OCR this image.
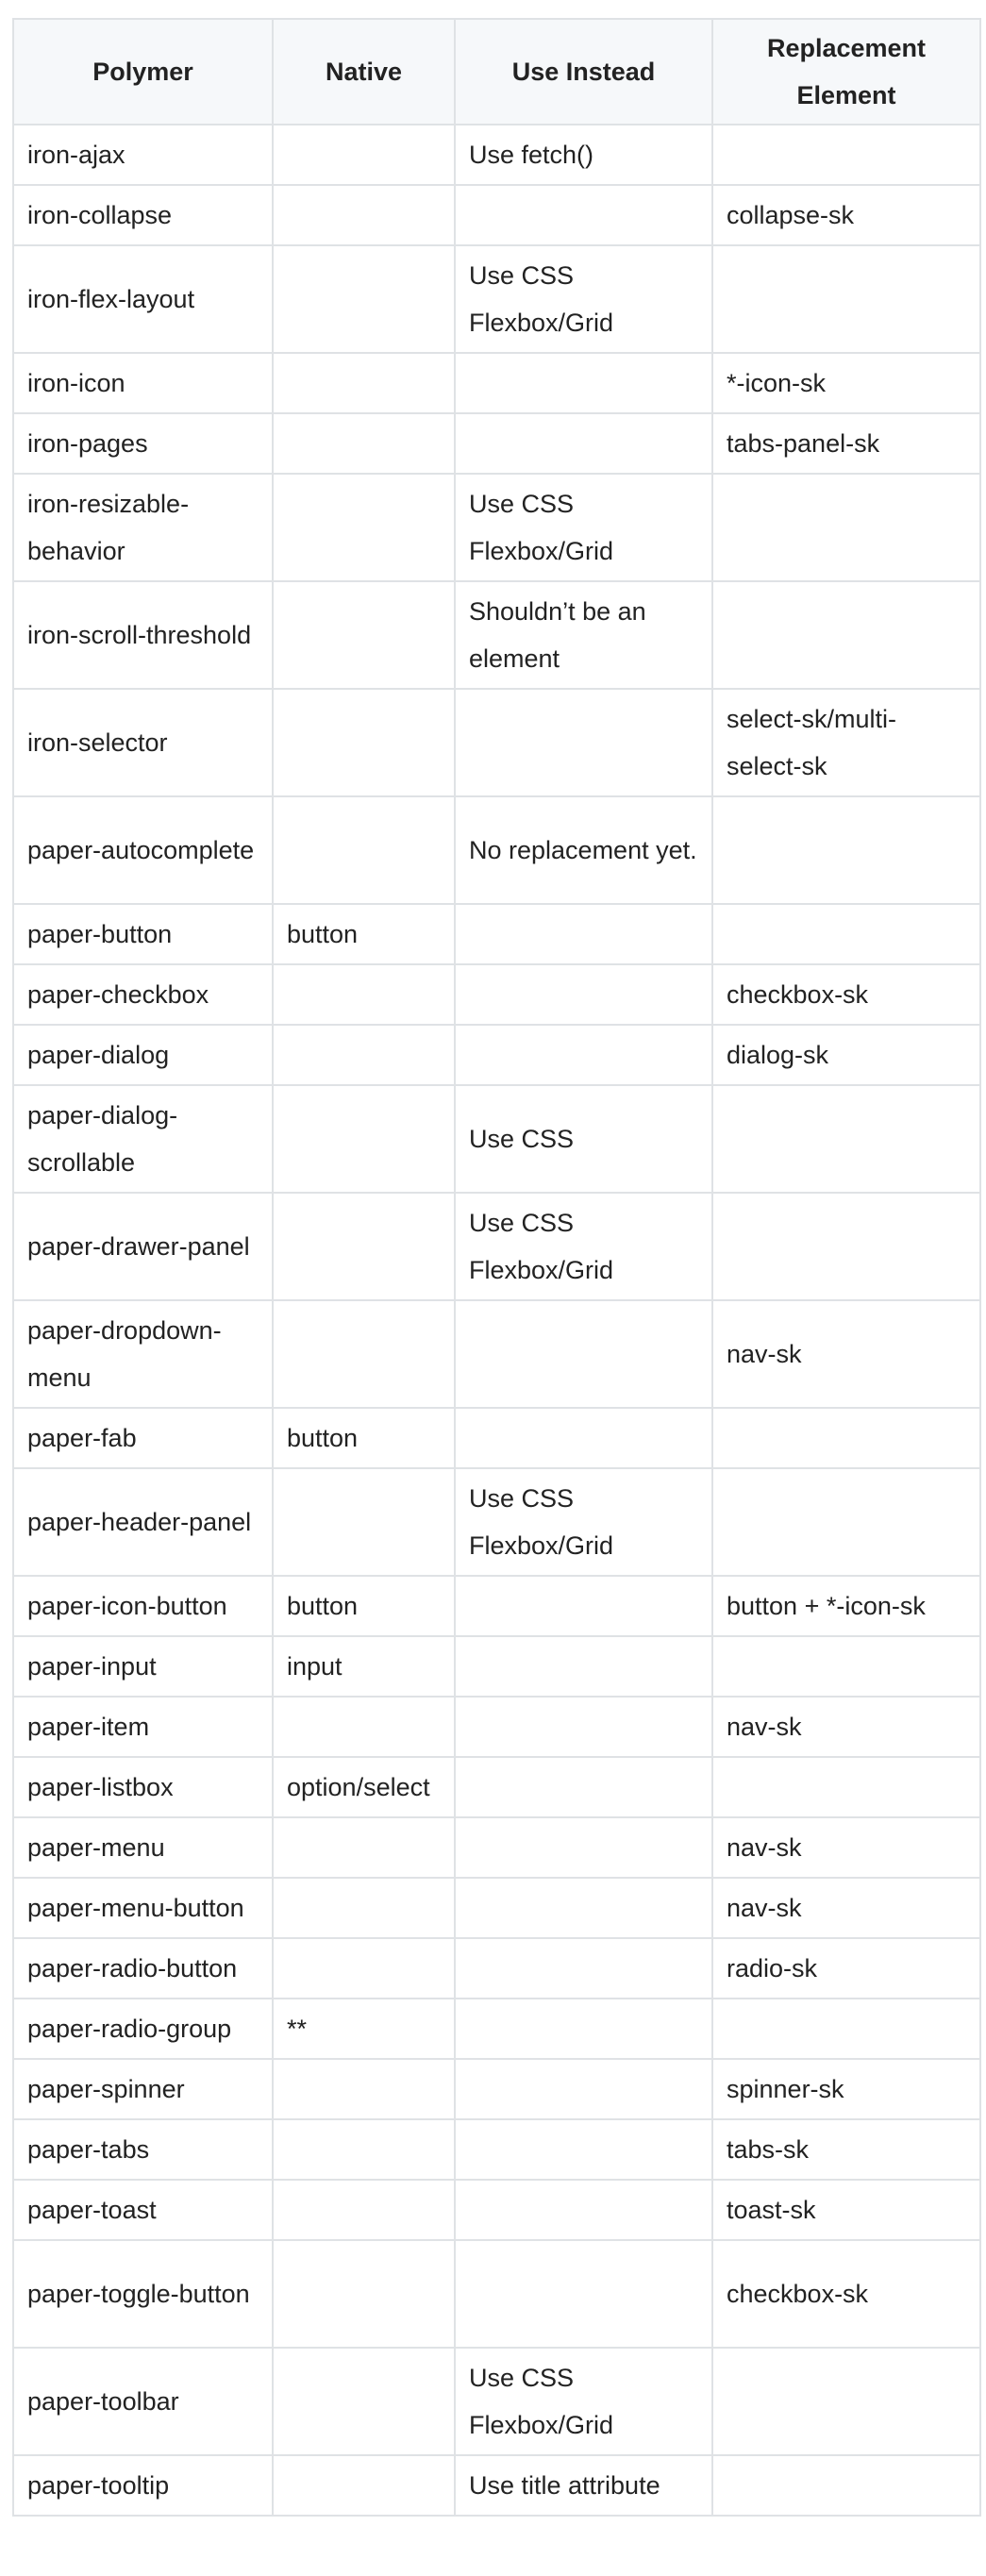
Polymer	Native	Use Instead	Replacement Element
iron-ajax		Use fetch()	
iron-collapse			collapse-sk
iron-flex-layout		Use CSS Flexbox/Grid	
iron-icon			*-icon-sk
iron-pages			tabs-panel-sk
iron-resizable-behavior		Use CSS Flexbox/Grid	
iron-scroll-threshold		Shouldn’t be an element	
iron-selector			select-sk/multi-select-sk
paper-autocomplete		No replacement yet.	
paper-button	button		
paper-checkbox			checkbox-sk
paper-dialog			dialog-sk
paper-dialog-scrollable		Use CSS	
paper-drawer-panel		Use CSS Flexbox/Grid	
paper-dropdown-menu			nav-sk
paper-fab	button		
paper-header-panel		Use CSS Flexbox/Grid	
paper-icon-button	button		button + *-icon-sk
paper-input	input		
paper-item			nav-sk
paper-listbox	option/select		
paper-menu			nav-sk
paper-menu-button			nav-sk
paper-radio-button			radio-sk
paper-radio-group	**		
paper-spinner			spinner-sk
paper-tabs			tabs-sk
paper-toast			toast-sk
paper-toggle-button			checkbox-sk
paper-toolbar		Use CSS Flexbox/Grid	
paper-tooltip		Use title attribute	
